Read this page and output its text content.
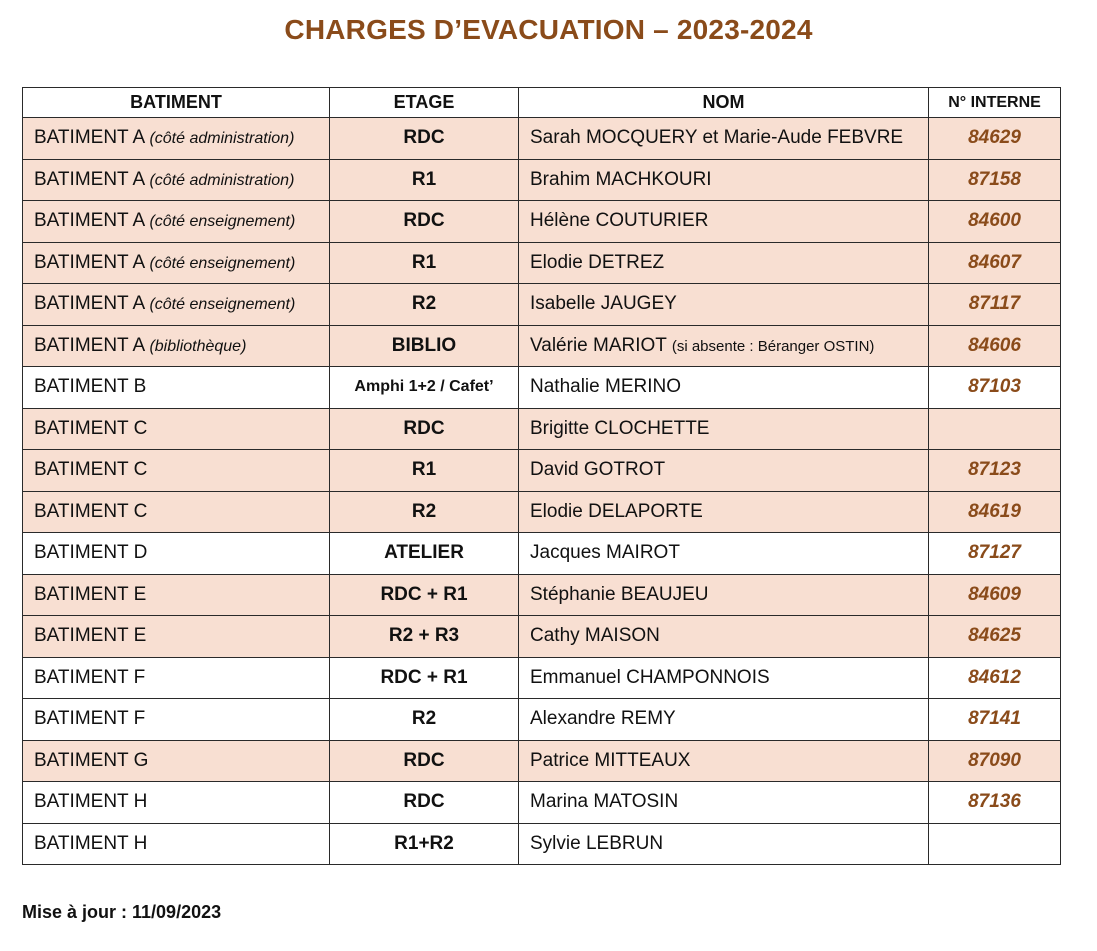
CHARGES D’EVACUATION – 2023-2024
BATIMENT	ETAGE	NOM	N° INTERNE
BATIMENT A (côté administration)	RDC	Sarah MOCQUERY et Marie-Aude FEBVRE	84629
BATIMENT A (côté administration)	R1	Brahim MACHKOURI	87158
BATIMENT A (côté enseignement)	RDC	Hélène COUTURIER	84600
BATIMENT A (côté enseignement)	R1	Elodie DETREZ	84607
BATIMENT A (côté enseignement)	R2	Isabelle JAUGEY	87117
BATIMENT A (bibliothèque)	BIBLIO	Valérie MARIOT (si absente : Béranger OSTIN)	84606
BATIMENT B	Amphi 1+2 / Cafet’	Nathalie MERINO	87103
BATIMENT C	RDC	Brigitte CLOCHETTE	
BATIMENT C	R1	David GOTROT	87123
BATIMENT C	R2	Elodie DELAPORTE	84619
BATIMENT D	ATELIER	Jacques MAIROT	87127
BATIMENT E	RDC + R1	Stéphanie BEAUJEU	84609
BATIMENT E	R2 + R3	Cathy MAISON	84625
BATIMENT F	RDC + R1	Emmanuel CHAMPONNOIS	84612
BATIMENT F	R2	Alexandre REMY	87141
BATIMENT G	RDC	Patrice MITTEAUX	87090
BATIMENT H	RDC	Marina MATOSIN	87136
BATIMENT H	R1+R2	Sylvie LEBRUN	
Mise à jour : 11/09/2023
